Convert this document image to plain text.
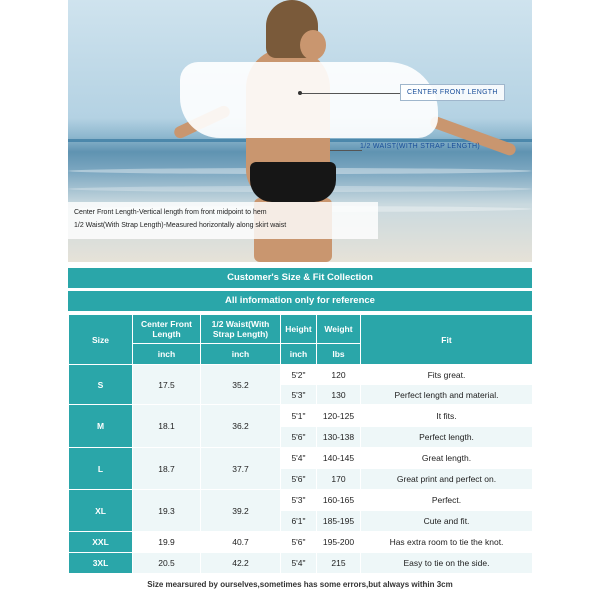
CENTER FRONT LENGTH
1/2 WAIST(WITH STRAP LENGTH)
Center Front Length-Vertical length from front midpoint to hem
1/2 Waist(With Strap Length)-Measured horizontally along skirt waist
Customer's Size & Fit Collection
All information only for reference
Size	Center Front Length	1/2 Waist(With Strap Length)	Height	Weight	Fit
	inch	inch	inch	lbs	
S	17.5	35.2	5'2"	120	Fits great.
			5'3"	130	Perfect length and material.
M	18.1	36.2	5'1"	120-125	It fits.
			5'6"	130-138	Perfect length.
L	18.7	37.7	5'4"	140-145	Great length.
			5'6"	170	Great print and perfect on.
XL	19.3	39.2	5'3"	160-165	Perfect.
			6'1"	185-195	Cute and fit.
XXL	19.9	40.7	5'6"	195-200	Has extra room to tie the knot.
3XL	20.5	42.2	5'4"	215	Easy to tie on the side.
Size mearsured by ourselves,sometimes has some errors,but always within 3cm
